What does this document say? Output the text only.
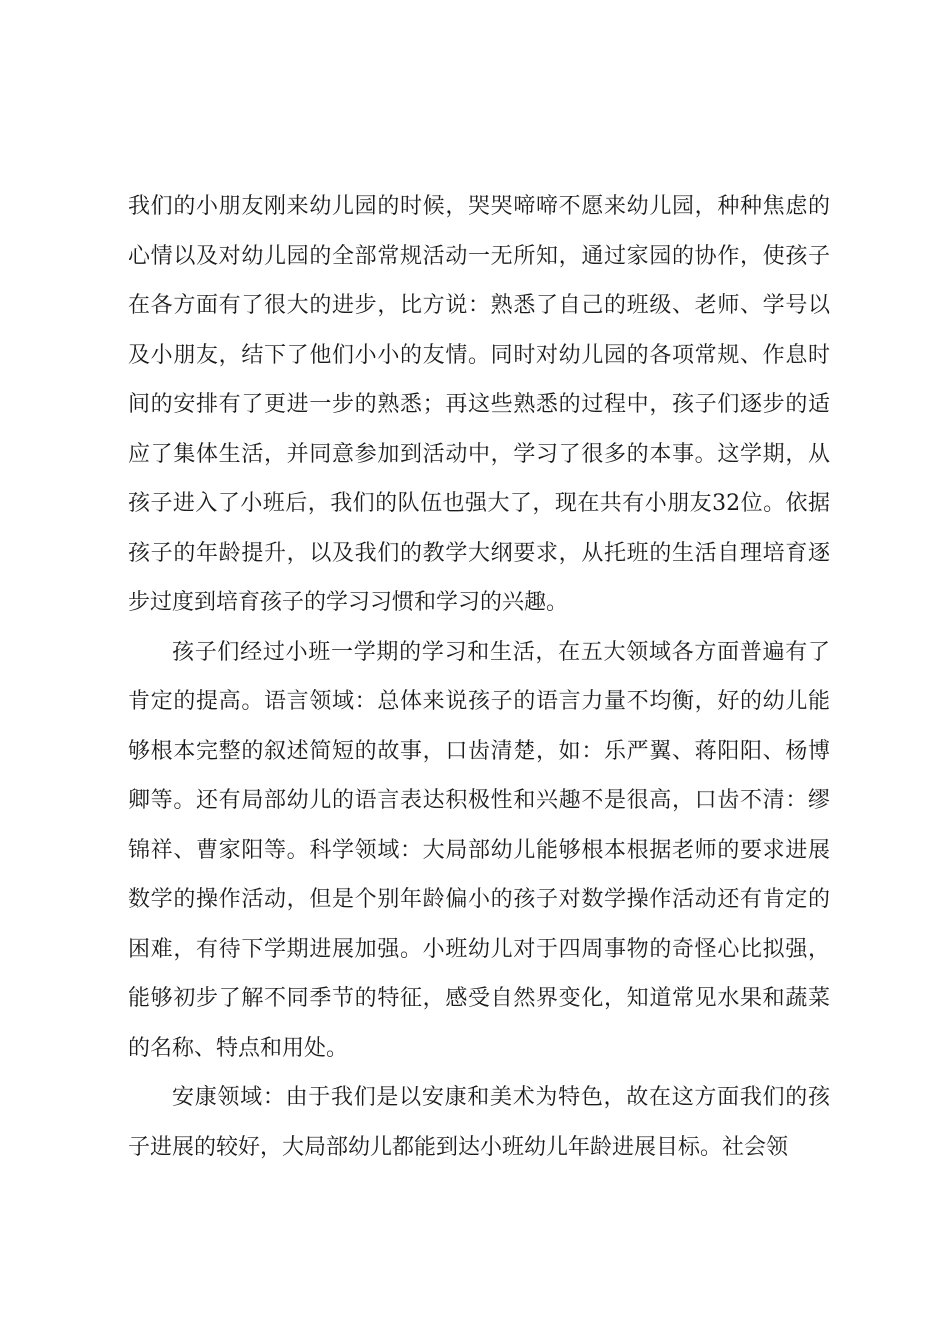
我们的小朋友刚来幼儿园的时候，哭哭啼啼不愿来幼儿园，种种焦虑的心情以及对幼儿园的全部常规活动一无所知，通过家园的协作，使孩子在各方面有了很大的进步，比方说：熟悉了自己的班级、老师、学号以及小朋友，结下了他们小小的友情。同时对幼儿园的各项常规、作息时间的安排有了更进一步的熟悉；再这些熟悉的过程中，孩子们逐步的适应了集体生活，并同意参加到活动中，学习了很多的本事。这学期，从孩子进入了小班后，我们的队伍也强大了，现在共有小朋友32位。依据孩子的年龄提升，以及我们的教学大纲要求，从托班的生活自理培育逐步过度到培育孩子的学习习惯和学习的兴趣。

孩子们经过小班一学期的学习和生活，在五大领域各方面普遍有了肯定的提高。语言领域：总体来说孩子的语言力量不均衡，好的幼儿能够根本完整的叙述简短的故事，口齿清楚，如：乐严翼、蒋阳阳、杨博卿等。还有局部幼儿的语言表达积极性和兴趣不是很高，口齿不清：缪锦祥、曹家阳等。科学领域：大局部幼儿能够根本根据老师的要求进展数学的操作活动，但是个别年龄偏小的孩子对数学操作活动还有肯定的困难，有待下学期进展加强。小班幼儿对于四周事物的奇怪心比拟强，能够初步了解不同季节的特征，感受自然界变化，知道常见水果和蔬菜的名称、特点和用处。

安康领域：由于我们是以安康和美术为特色，故在这方面我们的孩子进展的较好，大局部幼儿都能到达小班幼儿年龄进展目标。社会领
